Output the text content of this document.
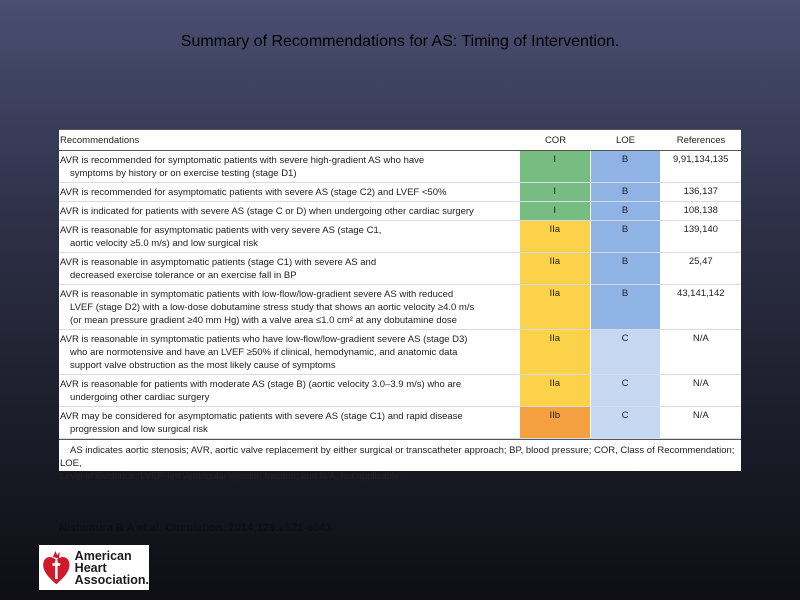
Summary of Recommendations for AS: Timing of Intervention.
Recommendations	COR	LOE	References

AVR is recommended for symptomatic patients with severe high-gradient AS who have
symptoms by history or on exercise testing (stage D1)	I	B	9,91,134,135

AVR is recommended for asymptomatic patients with severe AS (stage C2) and LVEF <50%	I	B	136,137

AVR is indicated for patients with severe AS (stage C or D) when undergoing other cardiac surgery	I	B	108,138

AVR is reasonable for asymptomatic patients with very severe AS (stage C1,
aortic velocity ≥5.0 m/s) and low surgical risk	IIa	B	139,140

AVR is reasonable in asymptomatic patients (stage C1) with severe AS and
decreased exercise tolerance or an exercise fall in BP	IIa	B	25,47

AVR is reasonable in symptomatic patients with low-flow/low-gradient severe AS with reduced
LVEF (stage D2) with a low-dose dobutamine stress study that shows an aortic velocity ≥4.0 m/s
(or mean pressure gradient ≥40 mm Hg) with a valve area ≤1.0 cm² at any dobutamine dose	IIa	B	43,141,142

AVR is reasonable in symptomatic patients who have low-flow/low-gradient severe AS (stage D3)
who are normotensive and have an LVEF ≥50% if clinical, hemodynamic, and anatomic data
support valve obstruction as the most likely cause of symptoms	IIa	C	N/A

AVR is reasonable for patients with moderate AS (stage B) (aortic velocity 3.0–3.9 m/s) who are
undergoing other cardiac surgery	IIa	C	N/A

AVR may be considered for asymptomatic patients with severe AS (stage C1) and rapid disease
progression and low surgical risk	IIb	C	N/A
AS indicates aortic stenosis; AVR, aortic valve replacement by either surgical or transcatheter approach; BP, blood pressure; COR, Class of Recommendation; LOE,
Level of Evidence; LVEF, left ventricular ejection fraction; and N/A, not applicable.
Nishimura R A et al. Circulation. 2014;129:e521-e643
American
Heart
Association.
